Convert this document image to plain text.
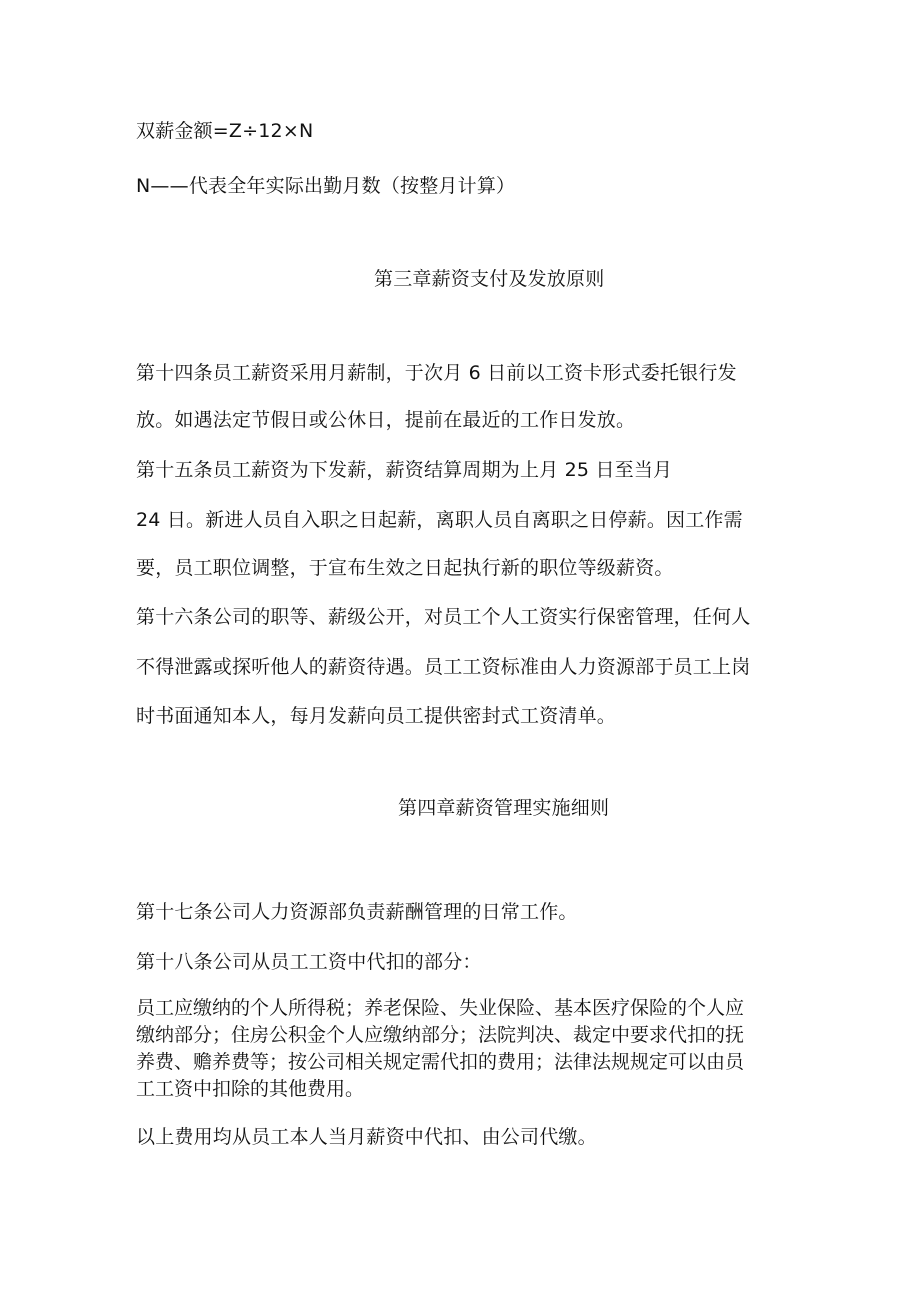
双薪金额=Z÷12×N
N——代表全年实际出勤月数（按整月计算）
第三章薪资支付及发放原则
第十四条员工薪资采用月薪制，于次月 6 日前以工资卡形式委托银行发
放。如遇法定节假日或公休日，提前在最近的工作日发放。
第十五条员工薪资为下发薪，薪资结算周期为上月 25 日至当月
24 日。新进人员自入职之日起薪，离职人员自离职之日停薪。因工作需
要，员工职位调整，于宣布生效之日起执行新的职位等级薪资。
第十六条公司的职等、薪级公开，对员工个人工资实行保密管理，任何人
不得泄露或探听他人的薪资待遇。员工工资标准由人力资源部于员工上岗
时书面通知本人，每月发薪向员工提供密封式工资清单。
第四章薪资管理实施细则
第十七条公司人力资源部负责薪酬管理的日常工作。
第十八条公司从员工工资中代扣的部分：
员工应缴纳的个人所得税；养老保险、失业保险、基本医疗保险的个人应
缴纳部分；住房公积金个人应缴纳部分；法院判决、裁定中要求代扣的抚
养费、赡养费等；按公司相关规定需代扣的费用；法律法规规定可以由员
工工资中扣除的其他费用。
以上费用均从员工本人当月薪资中代扣、由公司代缴。
